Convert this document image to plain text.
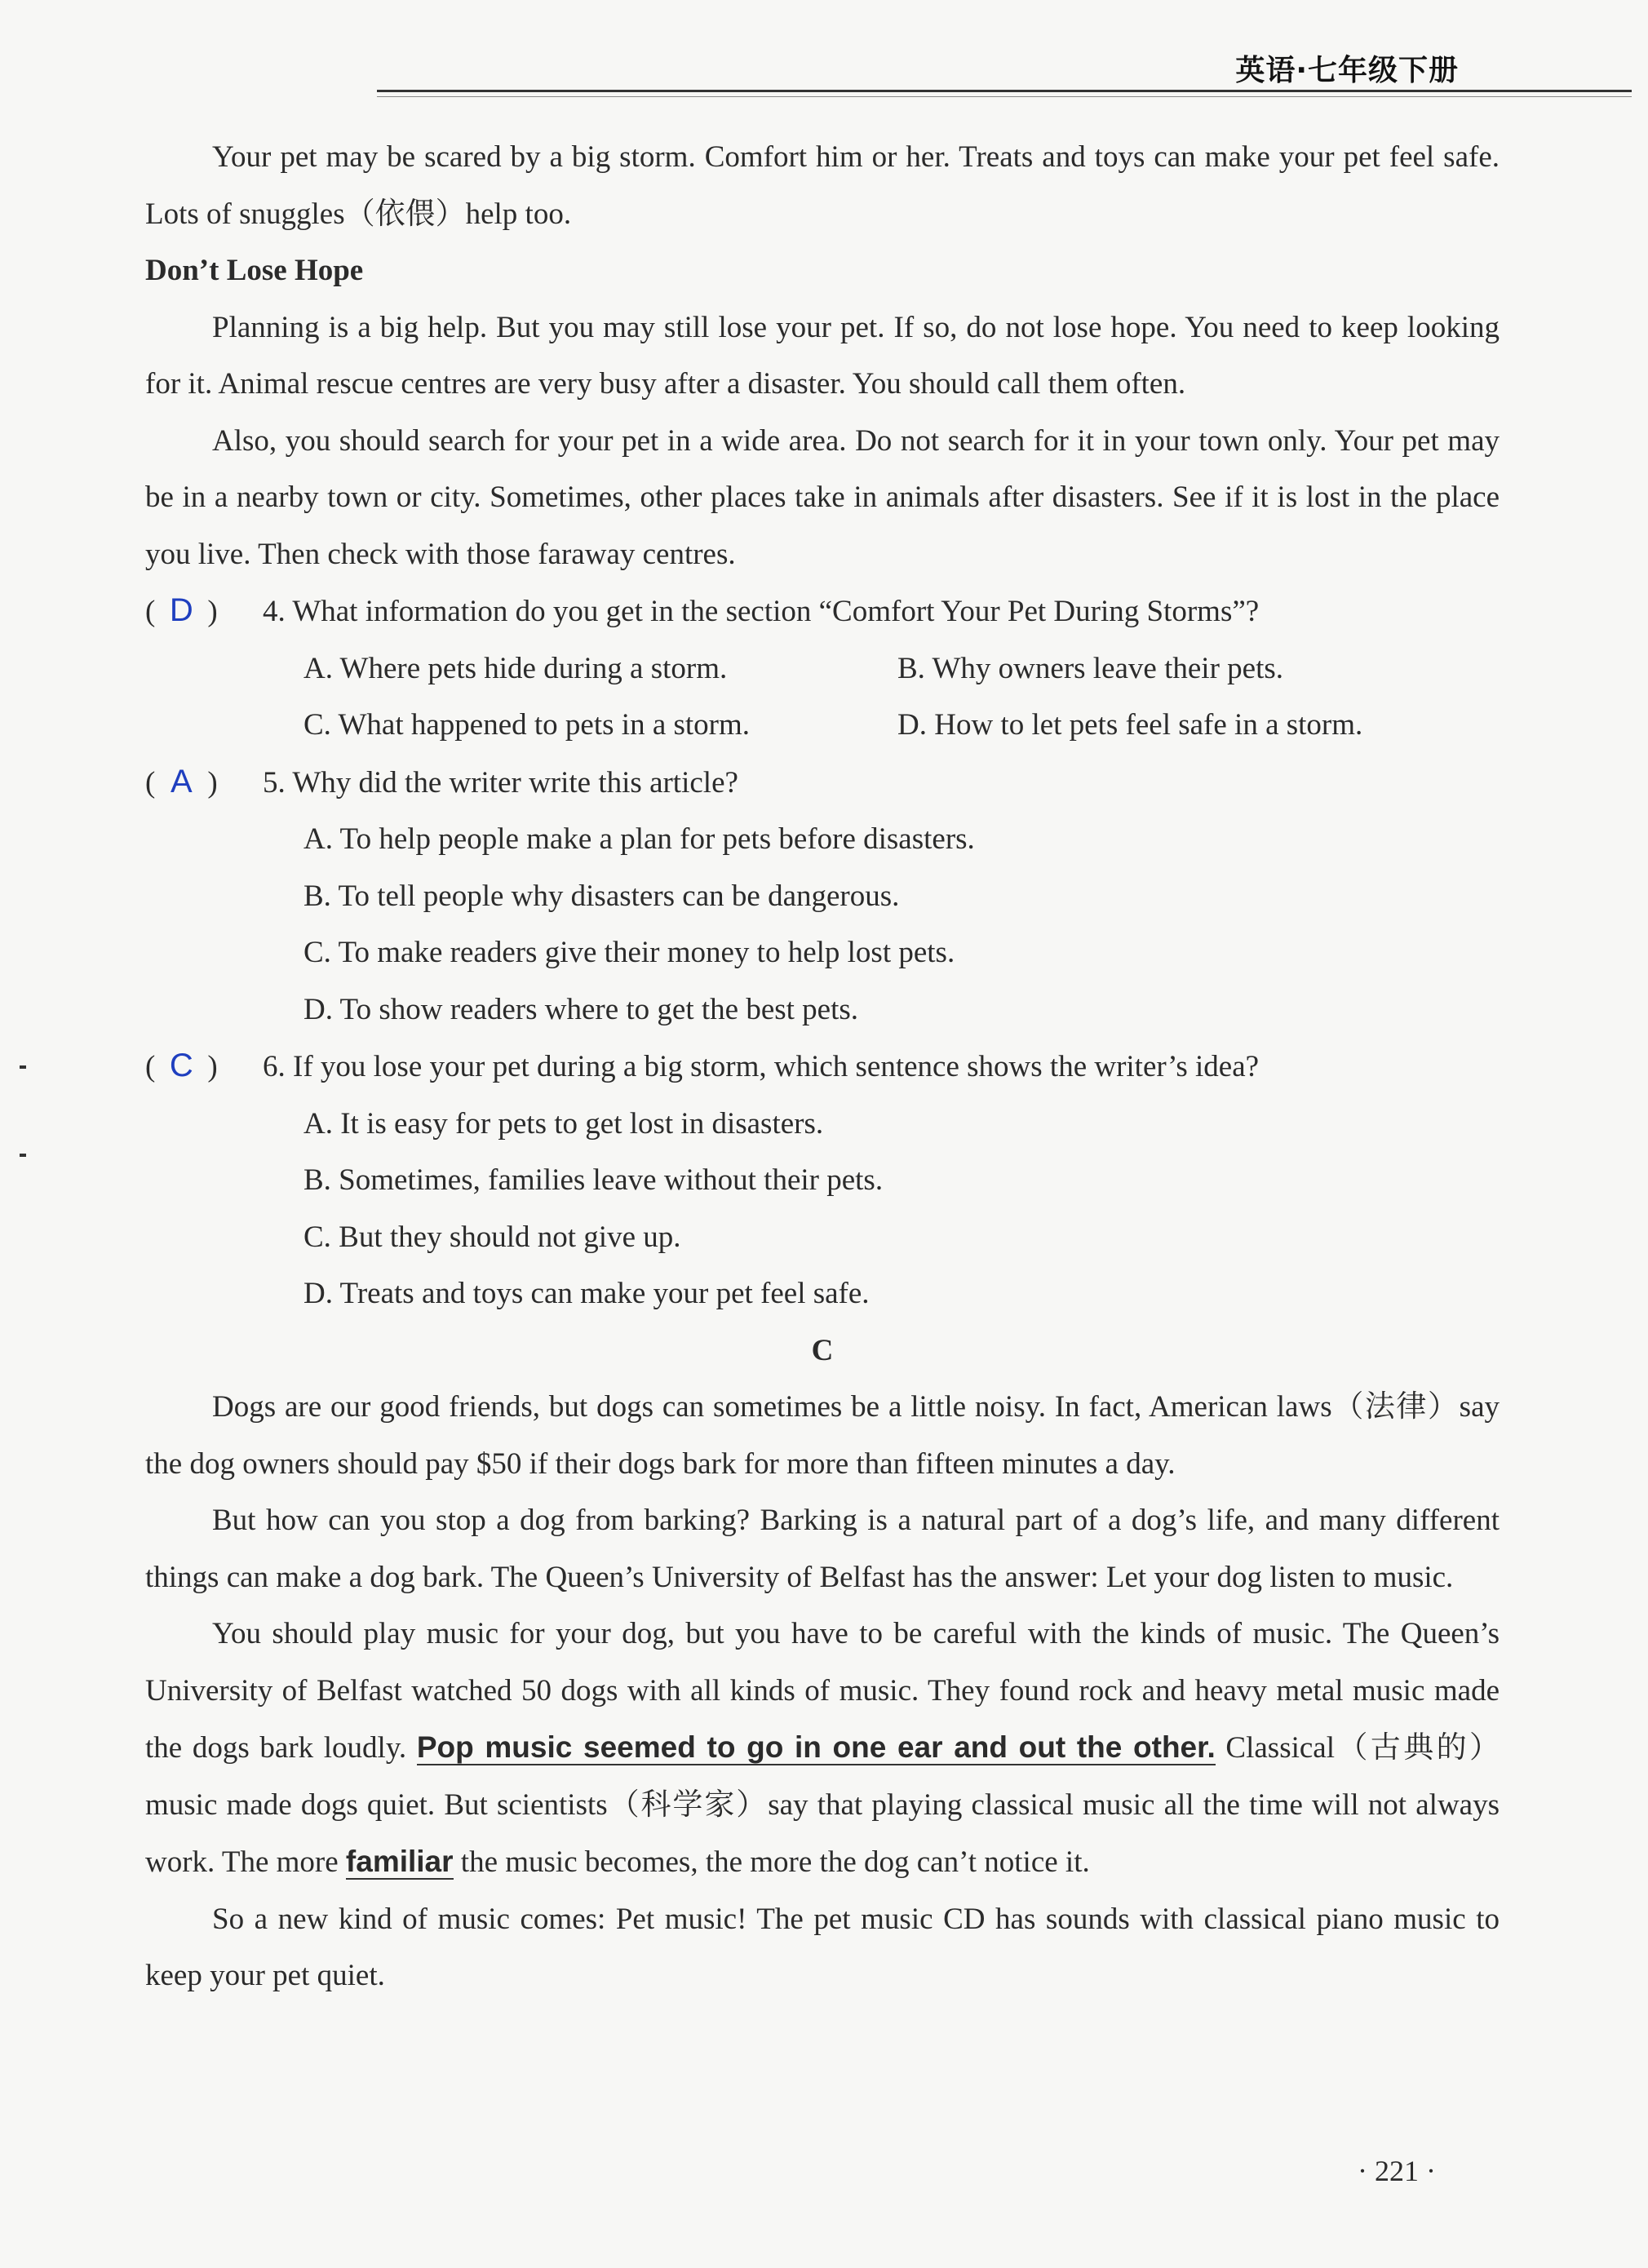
英语·七年级下册

Your pet may be scared by a big storm. Comfort him or her. Treats and toys can make your pet feel safe. Lots of snuggles（依偎）help too.

Don’t Lose Hope

Planning is a big help. But you may still lose your pet. If so, do not lose hope. You need to keep looking for it. Animal rescue centres are very busy after a disaster. You should call them often.

Also, you should search for your pet in a wide area. Do not search for it in your town only. Your pet may be in a nearby town or city. Sometimes, other places take in animals after disasters. See if it is lost in the place you live. Then check with those faraway centres.

( D ) 4. What information do you get in the section “Comfort Your Pet During Storms”?

A. Where pets hide during a storm.	B. Why owners leave their pets.
C. What happened to pets in a storm.	D. How to let pets feel safe in a storm.

( A ) 5. Why did the writer write this article?

A. To help people make a plan for pets before disasters.
B. To tell people why disasters can be dangerous.
C. To make readers give their money to help lost pets.
D. To show readers where to get the best pets.

( C ) 6. If you lose your pet during a big storm, which sentence shows the writer’s idea?

A. It is easy for pets to get lost in disasters.
B. Sometimes, families leave without their pets.
C. But they should not give up.
D. Treats and toys can make your pet feel safe.

C

Dogs are our good friends, but dogs can sometimes be a little noisy. In fact, American laws（法律）say the dog owners should pay $50 if their dogs bark for more than fifteen minutes a day.

But how can you stop a dog from barking? Barking is a natural part of a dog’s life, and many different things can make a dog bark. The Queen’s University of Belfast has the answer: Let your dog listen to music.

You should play music for your dog, but you have to be careful with the kinds of music. The Queen’s University of Belfast watched 50 dogs with all kinds of music. They found rock and heavy metal music made the dogs bark loudly. Pop music seemed to go in one ear and out the other. Classical（古典的）music made dogs quiet. But scientists（科学家）say that playing classical music all the time will not always work. The more familiar the music becomes, the more the dog can’t notice it.

So a new kind of music comes: Pet music! The pet music CD has sounds with classical piano music to keep your pet quiet.

· 221 ·
